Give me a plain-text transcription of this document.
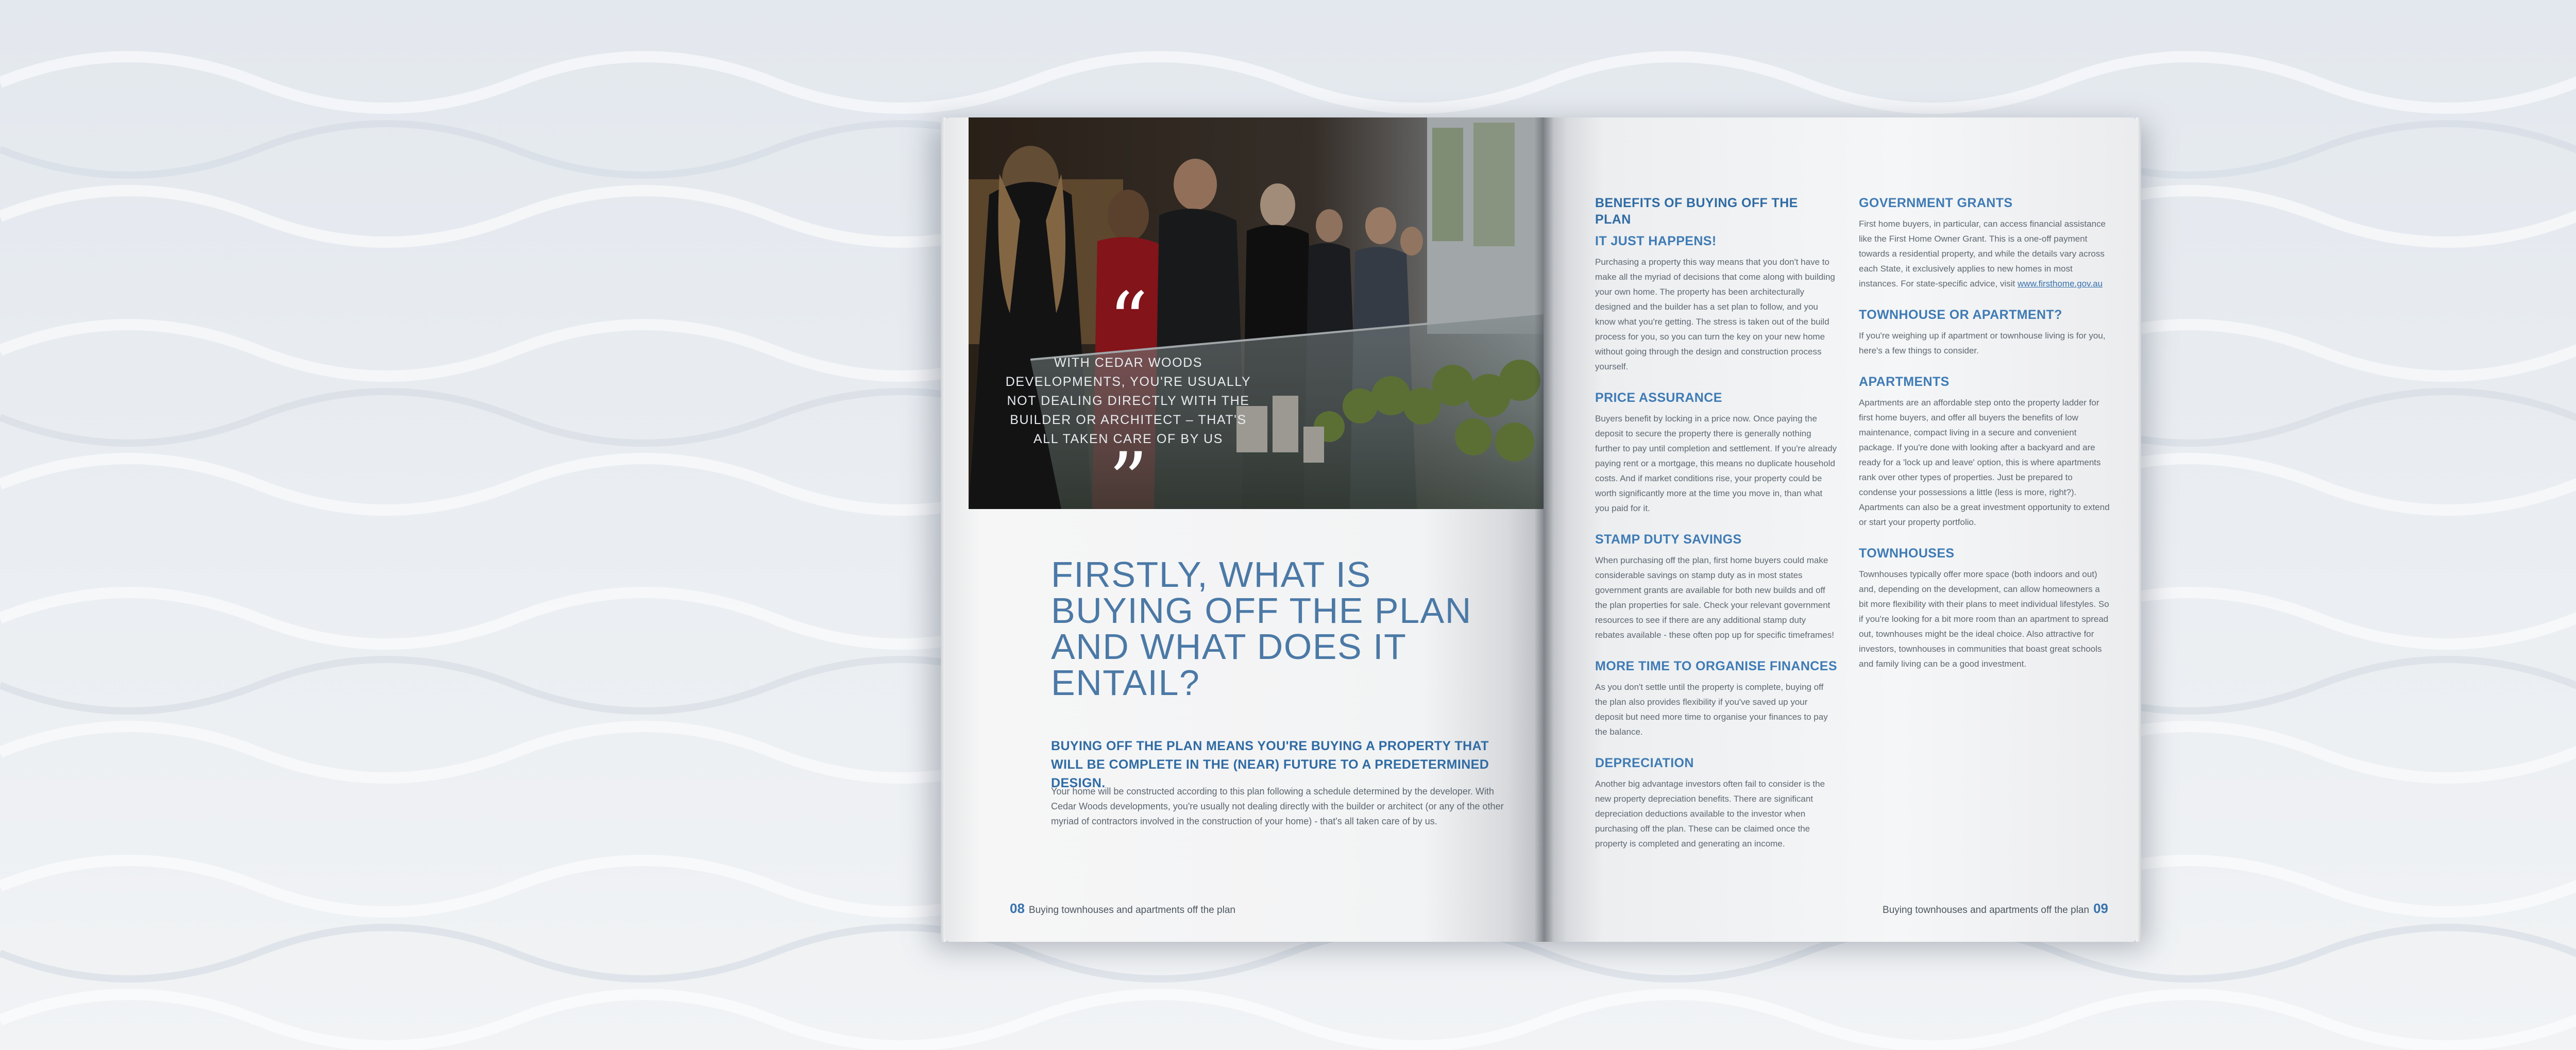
“
WITH CEDAR WOODS DEVELOPMENTS, YOU'RE USUALLY NOT DEALING DIRECTLY WITH THE BUILDER OR ARCHITECT – THAT'S ALL TAKEN CARE OF BY US
”
FIRSTLY, WHAT IS BUYING OFF THE PLAN AND WHAT DOES IT ENTAIL?

BUYING OFF THE PLAN MEANS YOU'RE BUYING A PROPERTY THAT WILL BE COMPLETE IN THE (NEAR) FUTURE TO A PREDETERMINED DESIGN.

Your home will be constructed according to this plan following a schedule determined by the developer. With Cedar Woods developments, you're usually not dealing directly with the builder or architect (or any of the other myriad of contractors involved in the construction of your home) - that's all taken care of by us.

08 Buying townhouses and apartments off the plan
BENEFITS OF BUYING OFF THE PLAN
IT JUST HAPPENS!

Purchasing a property this way means that you don't have to make all the myriad of decisions that come along with building your own home. The property has been architecturally designed and the builder has a set plan to follow, and you know what you're getting. The stress is taken out of the build process for you, so you can turn the key on your new home without going through the design and construction process yourself.

PRICE ASSURANCE

Buyers benefit by locking in a price now. Once paying the deposit to secure the property there is generally nothing further to pay until completion and settlement. If you're already paying rent or a mortgage, this means no duplicate household costs. And if market conditions rise, your property could be worth significantly more at the time you move in, than what you paid for it.

STAMP DUTY SAVINGS

When purchasing off the plan, first home buyers could make considerable savings on stamp duty as in most states government grants are available for both new builds and off the plan properties for sale. Check your relevant government resources to see if there are any additional stamp duty rebates available - these often pop up for specific timeframes!

MORE TIME TO ORGANISE FINANCES

As you don't settle until the property is complete, buying off the plan also provides flexibility if you've saved up your deposit but need more time to organise your finances to pay the balance.

DEPRECIATION

Another big advantage investors often fail to consider is the new property depreciation benefits. There are significant depreciation deductions available to the investor when purchasing off the plan. These can be claimed once the property is completed and generating an income.

GOVERNMENT GRANTS

First home buyers, in particular, can access financial assistance like the First Home Owner Grant. This is a one-off payment towards a residential property, and while the details vary across each State, it exclusively applies to new homes in most instances. For state-specific advice, visit www.firsthome.gov.au

TOWNHOUSE OR APARTMENT?

If you're weighing up if apartment or townhouse living is for you, here's a few things to consider.

APARTMENTS

Apartments are an affordable step onto the property ladder for first home buyers, and offer all buyers the benefits of low maintenance, compact living in a secure and convenient package. If you're done with looking after a backyard and are ready for a 'lock up and leave' option, this is where apartments rank over other types of properties. Just be prepared to condense your possessions a little (less is more, right?). Apartments can also be a great investment opportunity to extend or start your property portfolio.

TOWNHOUSES

Townhouses typically offer more space (both indoors and out) and, depending on the development, can allow homeowners a bit more flexibility with their plans to meet individual lifestyles. So if you're looking for a bit more room than an apartment to spread out, townhouses might be the ideal choice. Also attractive for investors, townhouses in communities that boast great schools and family living can be a good investment.

Buying townhouses and apartments off the plan 09
